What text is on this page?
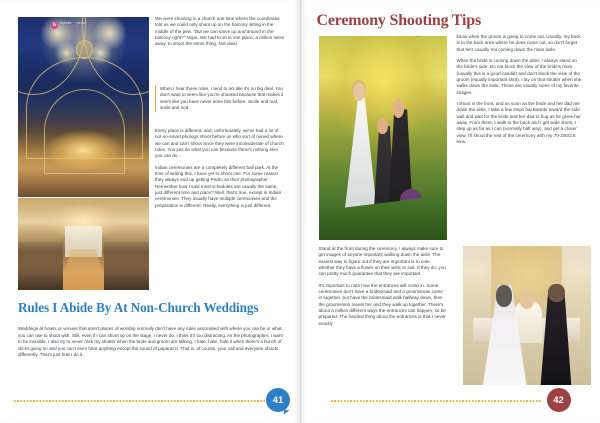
b	brooke + pedro
PHOTOGRAPHY

We were shooting in a church one time where the coordinator told us we could only shoot up on the balcony sitting in the middle of the pew. "But we can move up and around in the balcony right?" Nope. We had to sit in one place, a million miles away, to shoot the entire thing. Not ideal.

When I hear these rules, I tend to act like it's no big deal. You don't want to seem like you're shocked because that makes it seem like you have never done this before. Smile and nod, smile and nod.

Every place is different, and, unfortunately, we've had a lot of not-so-smart photogs shoot before us who sort of ruined where we can and can't shoot since they were inconsiderate of church rules. You just do what you can because there's nothing else you can do.

Indian ceremonies are a completely different ball park. At the time of writing this, I have yet to shoot one. For some reason they always end up getting Pedro as their photographer. Remember how I said most schedules are usually the same, just different time and place? Well, that's true, except in Indian ceremonies. They usually have multiple ceremonies and the preparation is different. Really, everything is just different.

Rules I Abide By At Non-Church Weddings

Weddings at hotels or venues that aren't places of worship normally don't have any rules associated with where you can be or what you can use to shoot with. Still, even if I can shoot up on the stage, I never do. I think it's too distracting. As the photographer, I want to be invisible. I also try to never click my shutter when the bride and groom are talking. I hate, hate, hate it when there's a bunch of clicks going on and you can't even hear anything except the sound of paparazzi. That is, of course, your call and everyone shoots differently. That's just how I do it.

41
Ceremony Shooting Tips

Stand at the front during the ceremony. I always make sure to get images of anyone important walking down the aisle. The easiest way to figure out if they are important is to note whether they have a flower on their wrist or suit. If they do, you can pretty much guarantee that they are important.

It's important to note how the entrances will come in. Some ceremonies don't have a bridesmaid and a groomsman come in together, but have the bridesmaid walk halfway down, then the groomsmen meets her and they walk up together. There's about a million different ways the entrances can happen, so be prepared. The hardest thing about the entrances is that I never exactly

know when the groom is going to come out. Usually, my back is to the back area where he does come out, so don't forget that he's usually not coming down the main aisle.

When the bride is coming down the aisle, I always stand on the bride's side. Do not block the view of the bride's mom (usually this is a good candid) and don't block the view of the groom (equally important shot). I lay on that shutter when she walks down the aisle. Those are usually some of my favorite images.

I shoot in the front, and as soon as the bride and her dad are down the aisle, I take a few steps backwards toward the side wall and wait for the bride and her dad to hug as he gives her away. From there, I walk to the back and I get wide shots, I step up as far as I can (normally half way), and get a closer view. I'll shoot the rest of the ceremony with my 70-200/2.8 lens.

42
